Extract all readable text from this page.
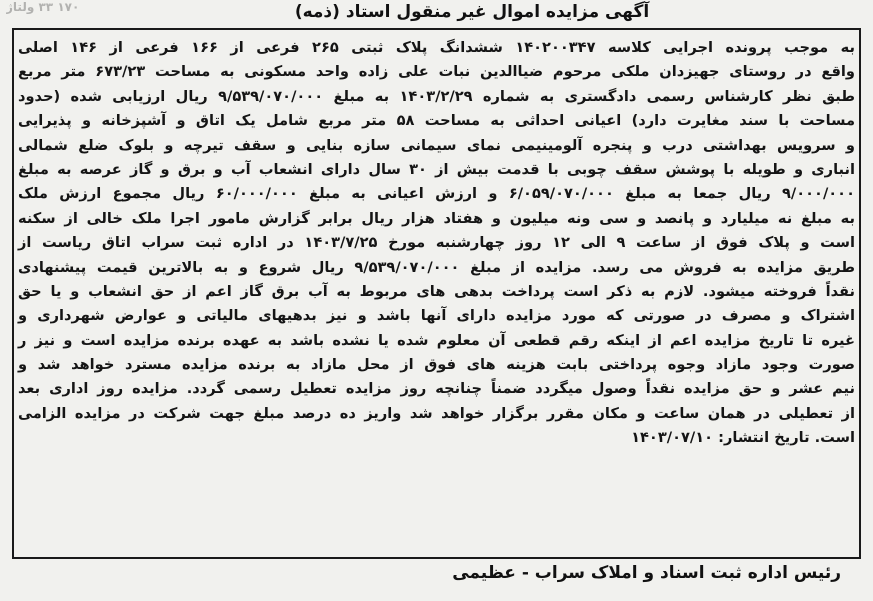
۱۷۰ ۳۳ ولتاژ	آگهی مزایده اموال غیر منقول استاد (ذمه)
به موجب پرونده اجرایی کلاسه ۱۴۰۲۰۰۳۴۷ ششدانگ پلاک ثبتی ۲۶۵ فرعی از ۱۶۶ فرعی از ۱۴۶ اصلی
واقع در روستای جهیزدان ملکی مرحوم ضیاالدین نبات علی زاده واحد مسکونی به مساحت ۶۷۳/۲۳ متر مربع
طبق نظر کارشناس رسمی دادگستری به شماره ۱۴۰۳/۲/۲۹ به مبلغ ۹/۵۳۹/۰۷۰/۰۰۰ ریال ارزیابی شده (حدود
مساحت با سند مغایرت دارد) اعیانی احداثی به مساحت ۵۸ متر مربع شامل یک اتاق و آشپزخانه و پذیرایی
و سرویس بهداشتی درب و پنجره آلومینیمی نمای سیمانی سازه بنایی و سقف تیرچه و بلوک ضلع شمالی
انباری و طویله با پوشش سقف چوبی با قدمت بیش از ۳۰ سال دارای انشعاب آب و برق و گاز عرصه به مبلغ
۹/۰۰۰/۰۰۰ ریال جمعا به مبلغ ۶/۰۵۹/۰۷۰/۰۰۰ و ارزش اعیانی به مبلغ ۶۰/۰۰۰/۰۰۰ ریال مجموع ارزش ملک
به مبلغ نه میلیارد و پانصد و سی ونه میلیون و هفتاد هزار ریال برابر گزارش مامور اجرا ملک خالی از سکنه
است و پلاک فوق از ساعت ۹ الی ۱۲ روز چهارشنبه مورخ ۱۴۰۳/۷/۲۵ در اداره ثبت سراب اتاق ریاست از
طریق مزایده به فروش می رسد. مزایده از مبلغ ۹/۵۳۹/۰۷۰/۰۰۰ ریال شروع و به بالاترین قیمت پیشنهادی
نقداً فروخته میشود. لازم به ذکر است پرداخت بدهی های مربوط به آب برق گاز اعم از حق انشعاب و یا حق
اشتراک و مصرف در صورتی که مورد مزایده دارای آنها باشد و نیز بدهیهای مالیاتی و عوارض شهرداری و
غیره تا تاریخ مزایده اعم از اینکه رقم قطعی آن معلوم شده یا نشده باشد به عهده برنده مزایده است و نیز ر
صورت وجود مازاد وجوه پرداختی بابت هزینه های فوق از محل مازاد به برنده مزایده مسترد خواهد شد و
نیم عشر و حق مزایده نقداً وصول میگردد ضمناً چنانچه روز مزایده تعطیل رسمی گردد. مزایده روز اداری بعد
از تعطیلی در همان ساعت و مکان مقرر برگزار خواهد شد واریز ده درصد مبلغ جهت شرکت در مزایده الزامی
است. تاریخ انتشار: ۱۴۰۳/۰۷/۱۰
رئیس اداره ثبت اسناد و املاک سراب - عظیمی
